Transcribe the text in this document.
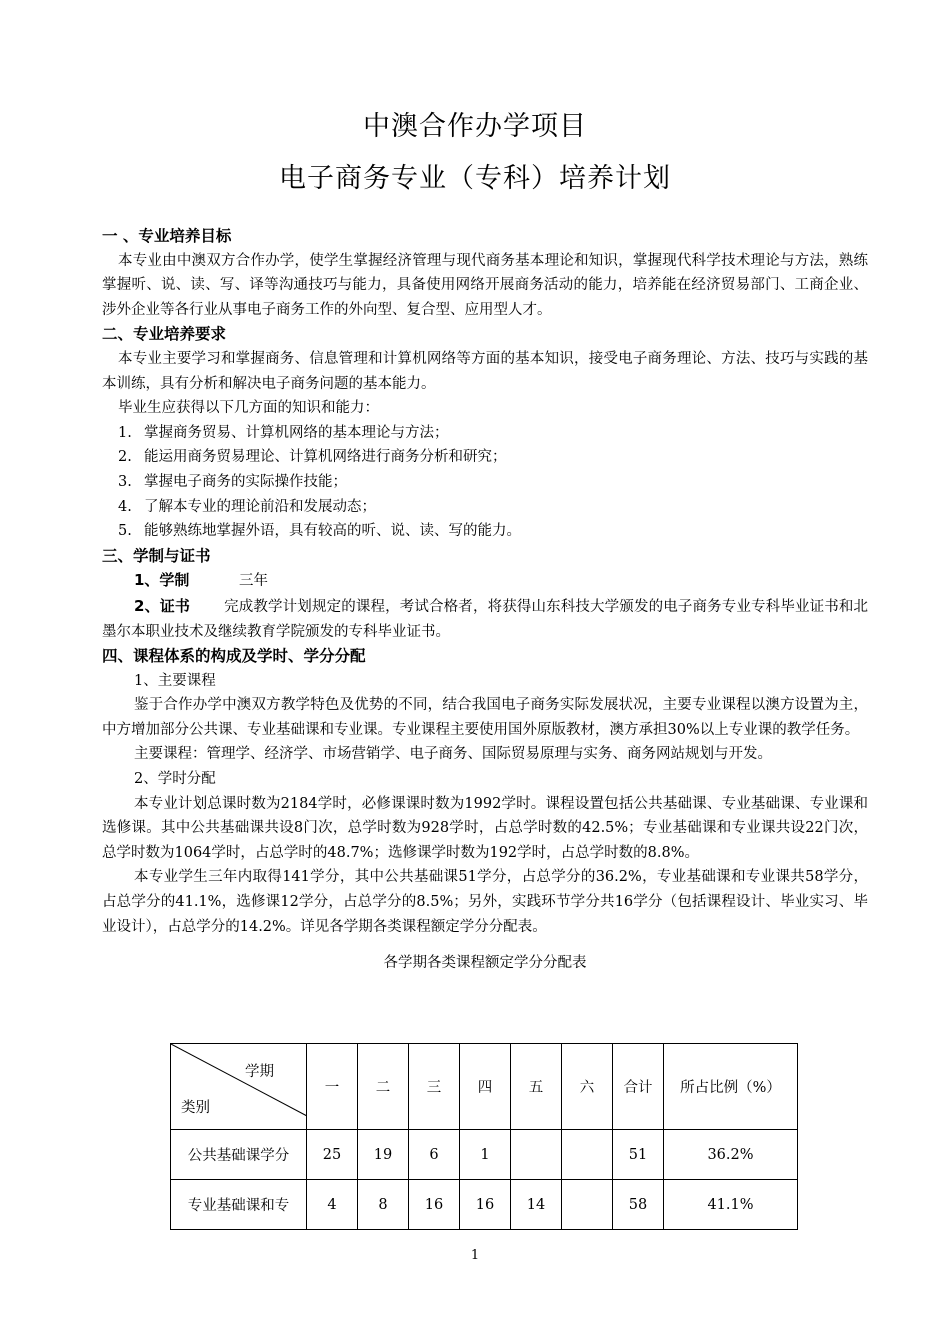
中澳合作办学项目
电子商务专业（专科）培养计划

一 、专业培养目标

本专业由中澳双方合作办学，使学生掌握经济管理与现代商务基本理论和知识，掌握现代科学技术理论与方法，熟练掌握听、说、读、写、译等沟通技巧与能力，具备使用网络开展商务活动的能力，培养能在经济贸易部门、工商企业、涉外企业等各行业从事电子商务工作的外向型、复合型、应用型人才。

二、专业培养要求

本专业主要学习和掌握商务、信息管理和计算机网络等方面的基本知识，接受电子商务理论、方法、技巧与实践的基本训练，具有分析和解决电子商务问题的基本能力。

毕业生应获得以下几方面的知识和能力：

1. 掌握商务贸易、计算机网络的基本理论与方法；

2. 能运用商务贸易理论、计算机网络进行商务分析和研究；

3. 掌握电子商务的实际操作技能；

4. 了解本专业的理论前沿和发展动态；

5. 能够熟练地掌握外语，具有较高的听、说、读、写的能力。

三、学制与证书

1、学制	三年

2、证书 完成教学计划规定的课程，考试合格者，将获得山东科技大学颁发的电子商务专业专科毕业证书和北墨尔本职业技术及继续教育学院颁发的专科毕业证书。

四、课程体系的构成及学时、学分分配

1、主要课程

鉴于合作办学中澳双方教学特色及优势的不同，结合我国电子商务实际发展状况，主要专业课程以澳方设置为主，中方增加部分公共课、专业基础课和专业课。专业课程主要使用国外原版教材，澳方承担30%以上专业课的教学任务。

主要课程：管理学、经济学、市场营销学、电子商务、国际贸易原理与实务、商务网站规划与开发。

2、学时分配

本专业计划总课时数为2184学时，必修课课时数为1992学时。课程设置包括公共基础课、专业基础课、专业课和选修课。其中公共基础课共设8门次，总学时数为928学时，占总学时数的42.5%；专业基础课和专业课共设22门次，总学时数为1064学时，占总学时的48.7%；选修课学时数为192学时，占总学时数的8.8%。

本专业学生三年内取得141学分，其中公共基础课51学分，占总学分的36.2%，专业基础课和专业课共58学分，占总学分的41.1%，选修课12学分，占总学分的8.5%；另外，实践环节学分共16学分（包括课程设计、毕业实习、毕业设计），占总学分的14.2%。详见各学期各类课程额定学分分配表。

各学期各类课程额定学分分配表

学期
类别	一	二	三	四	五	六	合计	所占比例（%）
公共基础课学分	25	19	6	1			51	36.2%
专业基础课和专	4	8	16	16	14		58	41.1%
1
